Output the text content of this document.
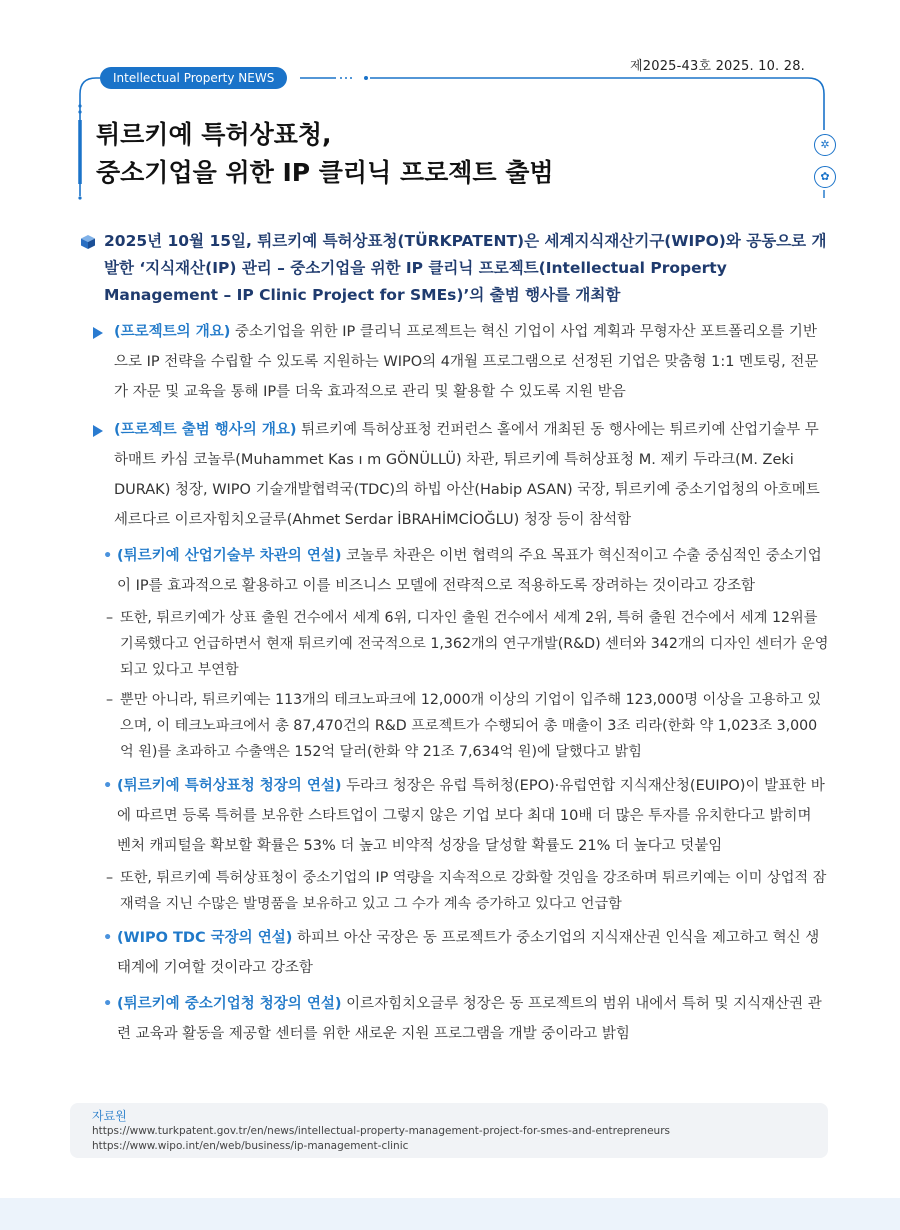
제2025-43호 2025. 10. 28.
Intellectual Property NEWS
튀르키예 특허상표청,
중소기업을 위한 IP 클리닉 프로젝트 출범
✲
✿
2025년 10월 15일, 튀르키예 특허상표청(TÜRKPATENT)은 세계지식재산기구(WIPO)와 공동으로 개발한 ‘지식재산(IP) 관리 – 중소기업을 위한 IP 클리닉 프로젝트(Intellectual Property Management – IP Clinic Project for SMEs)’의 출범 행사를 개최함
(프로젝트의 개요) 중소기업을 위한 IP 클리닉 프로젝트는 혁신 기업이 사업 계획과 무형자산 포트폴리오를 기반으로 IP 전략을 수립할 수 있도록 지원하는 WIPO의 4개월 프로그램으로 선정된 기업은 맞춤형 1:1 멘토링, 전문가 자문 및 교육을 통해 IP를 더욱 효과적으로 관리 및 활용할 수 있도록 지원 받음
(프로젝트 출범 행사의 개요) 튀르키예 특허상표청 컨퍼런스 홀에서 개최된 동 행사에는 튀르키예 산업기술부 무하매트 카심 코놀루(Muhammet Kas ı m GÖNÜLLÜ) 차관, 튀르키예 특허상표청 M. 제키 두라크(M. Zeki DURAK) 청장, WIPO 기술개발협력국(TDC)의 하빕 아산(Habip ASAN) 국장, 튀르키예 중소기업청의 아흐메트 세르다르 이르자힘치오글루(Ahmet Serdar İBRAHİMCİOĞLU) 청장 등이 참석함
• (튀르키예 산업기술부 차관의 연설) 코놀루 차관은 이번 협력의 주요 목표가 혁신적이고 수출 중심적인 중소기업이 IP를 효과적으로 활용하고 이를 비즈니스 모델에 전략적으로 적용하도록 장려하는 것이라고 강조함
– 또한, 튀르키예가 상표 출원 건수에서 세계 6위, 디자인 출원 건수에서 세계 2위, 특허 출원 건수에서 세계 12위를 기록했다고 언급하면서 현재 튀르키예 전국적으로 1,362개의 연구개발(R&D) 센터와 342개의 디자인 센터가 운영되고 있다고 부연함
– 뿐만 아니라, 튀르키예는 113개의 테크노파크에 12,000개 이상의 기업이 입주해 123,000명 이상을 고용하고 있으며, 이 테크노파크에서 총 87,470건의 R&D 프로젝트가 수행되어 총 매출이 3조 리라(한화 약 1,023조 3,000억 원)를 초과하고 수출액은 152억 달러(한화 약 21조 7,634억 원)에 달했다고 밝힘
• (튀르키예 특허상표청 청장의 연설) 두라크 청장은 유럽 특허청(EPO)·유럽연합 지식재산청(EUIPO)이 발표한 바에 따르면 등록 특허를 보유한 스타트업이 그렇지 않은 기업 보다 최대 10배 더 많은 투자를 유치한다고 밝히며 벤처 캐피털을 확보할 확률은 53% 더 높고 비약적 성장을 달성할 확률도 21% 더 높다고 덧붙임
– 또한, 튀르키예 특허상표청이 중소기업의 IP 역량을 지속적으로 강화할 것임을 강조하며 튀르키예는 이미 상업적 잠재력을 지닌 수많은 발명품을 보유하고 있고 그 수가 계속 증가하고 있다고 언급함
• (WIPO TDC 국장의 연설) 하피브 아산 국장은 동 프로젝트가 중소기업의 지식재산권 인식을 제고하고 혁신 생태계에 기여할 것이라고 강조함
• (튀르키예 중소기업청 청장의 연설) 이르자힘치오글루 청장은 동 프로젝트의 범위 내에서 특허 및 지식재산권 관련 교육과 활동을 제공할 센터를 위한 새로운 지원 프로그램을 개발 중이라고 밝힘
자료원
https://www.turkpatent.gov.tr/en/news/intellectual-property-management-project-for-smes-and-entrepreneurs
https://www.wipo.int/en/web/business/ip-management-clinic
